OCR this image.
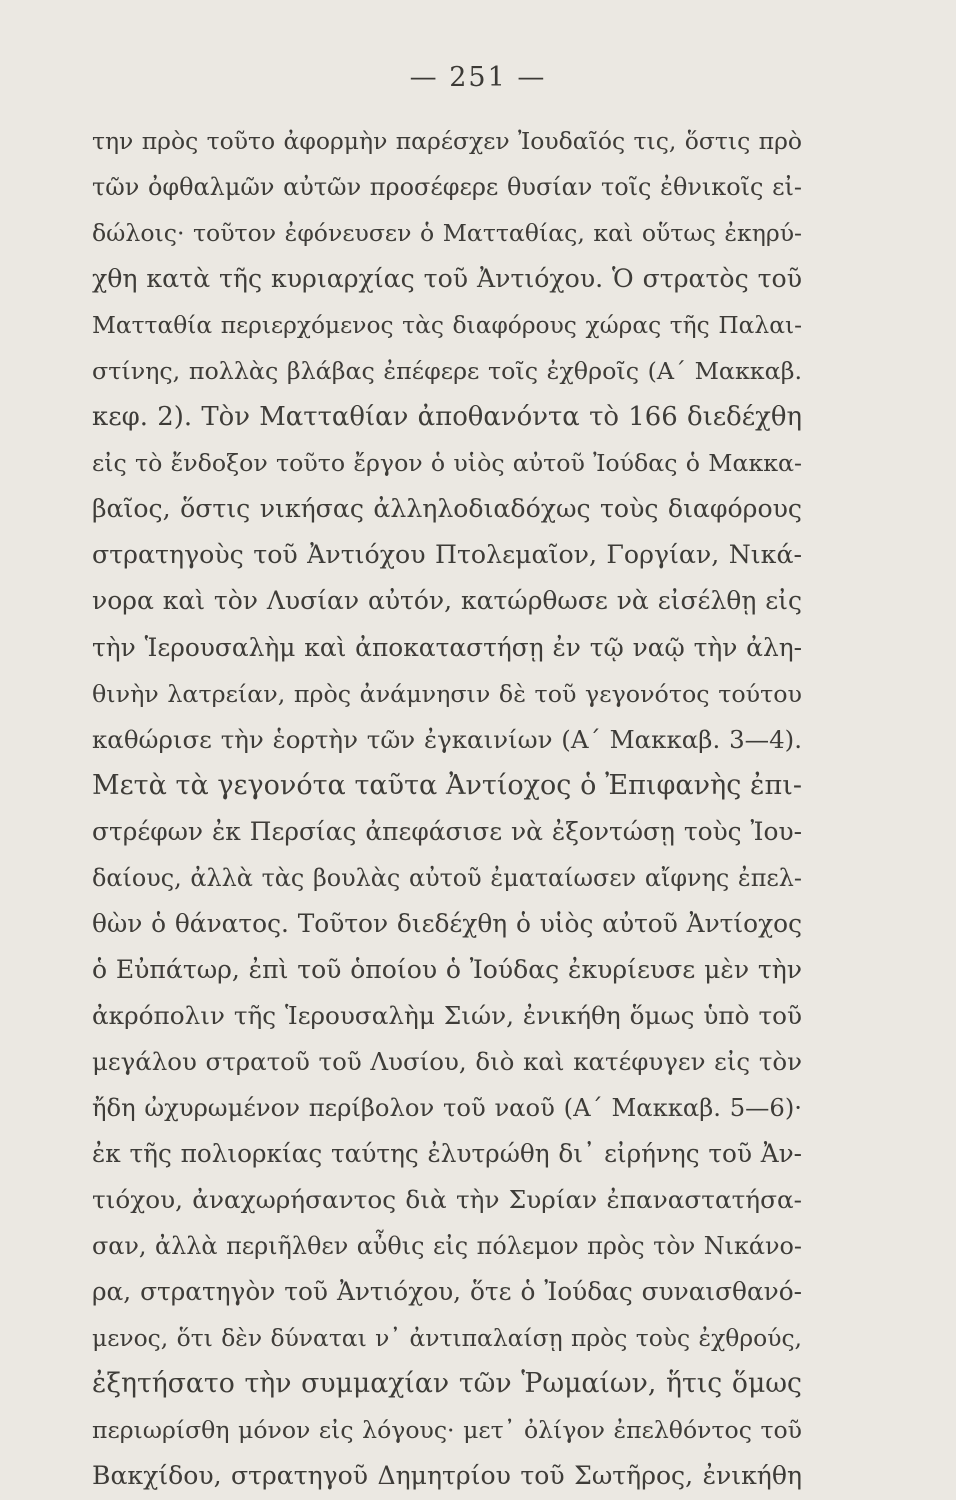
— 251 —
την πρὸς τοῦτο ἀφορμὴν παρέσχεν Ἰουδαῖός τις, ὅστις πρὸ
τῶν ὀφθαλμῶν αὐτῶν προσέφερε θυσίαν τοῖς ἐθνικοῖς εἰ-
δώλοις· τοῦτον ἐφόνευσεν ὁ Ματταθίας, καὶ οὕτως ἐκηρύ-
χθη κατὰ τῆς κυριαρχίας τοῦ Ἀντιόχου. Ὁ στρατὸς τοῦ
Ματταθία περιερχόμενος τὰς διαφόρους χώρας τῆς Παλαι-
στίνης, πολλὰς βλάβας ἐπέφερε τοῖς ἐχθροῖς (Α΄ Μακκαβ.
κεφ. 2). Τὸν Ματταθίαν ἀποθανόντα τὸ 166 διεδέχθη
εἰς τὸ ἔνδοξον τοῦτο ἔργον ὁ υἱὸς αὐτοῦ Ἰούδας ὁ Μακκα-
βαῖος, ὅστις νικήσας ἀλληλοδιαδόχως τοὺς διαφόρους
στρατηγοὺς τοῦ Ἀντιόχου Πτολεμαῖον, Γοργίαν, Νικά-
νορα καὶ τὸν Λυσίαν αὐτόν, κατώρθωσε νὰ εἰσέλθῃ εἰς
τὴν Ἱερουσαλὴμ καὶ ἀποκαταστήσῃ ἐν τῷ ναῷ τὴν ἀλη-
θινὴν λατρείαν, πρὸς ἀνάμνησιν δὲ τοῦ γεγονότος τούτου
καθώρισε τὴν ἑορτὴν τῶν ἐγκαινίων (Α΄ Μακκαβ. 3—4).
Μετὰ τὰ γεγονότα ταῦτα Ἀντίοχος ὁ Ἐπιφανὴς ἐπι-
στρέφων ἐκ Περσίας ἀπεφάσισε νὰ ἐξοντώσῃ τοὺς Ἰου-
δαίους, ἀλλὰ τὰς βουλὰς αὐτοῦ ἐματαίωσεν αἴφνης ἐπελ-
θὼν ὁ θάνατος. Τοῦτον διεδέχθη ὁ υἱὸς αὐτοῦ Ἀντίοχος
ὁ Εὐπάτωρ, ἐπὶ τοῦ ὁποίου ὁ Ἰούδας ἐκυρίευσε μὲν τὴν
ἀκρόπολιν τῆς Ἱερουσαλὴμ Σιών, ἐνικήθη ὅμως ὑπὸ τοῦ
μεγάλου στρατοῦ τοῦ Λυσίου, διὸ καὶ κατέφυγεν εἰς τὸν
ἤδη ὠχυρωμένον περίβολον τοῦ ναοῦ (Α΄ Μακκαβ. 5—6)·
ἐκ τῆς πολιορκίας ταύτης ἐλυτρώθη δι᾽ εἰρήνης τοῦ Ἀν-
τιόχου, ἀναχωρήσαντος διὰ τὴν Συρίαν ἐπαναστατήσα-
σαν, ἀλλὰ περιῆλθεν αὖθις εἰς πόλεμον πρὸς τὸν Νικάνο-
ρα, στρατηγὸν τοῦ Ἀντιόχου, ὅτε ὁ Ἰούδας συναισθανό-
μενος, ὅτι δὲν δύναται ν᾽ ἀντιπαλαίσῃ πρὸς τοὺς ἐχθρούς,
ἐξητήσατο τὴν συμμαχίαν τῶν Ῥωμαίων, ἥτις ὅμως
περιωρίσθη μόνον εἰς λόγους· μετ᾽ ὀλίγον ἐπελθόντος τοῦ
Βακχίδου, στρατηγοῦ Δημητρίου τοῦ Σωτῆρος, ἐνικήθη
